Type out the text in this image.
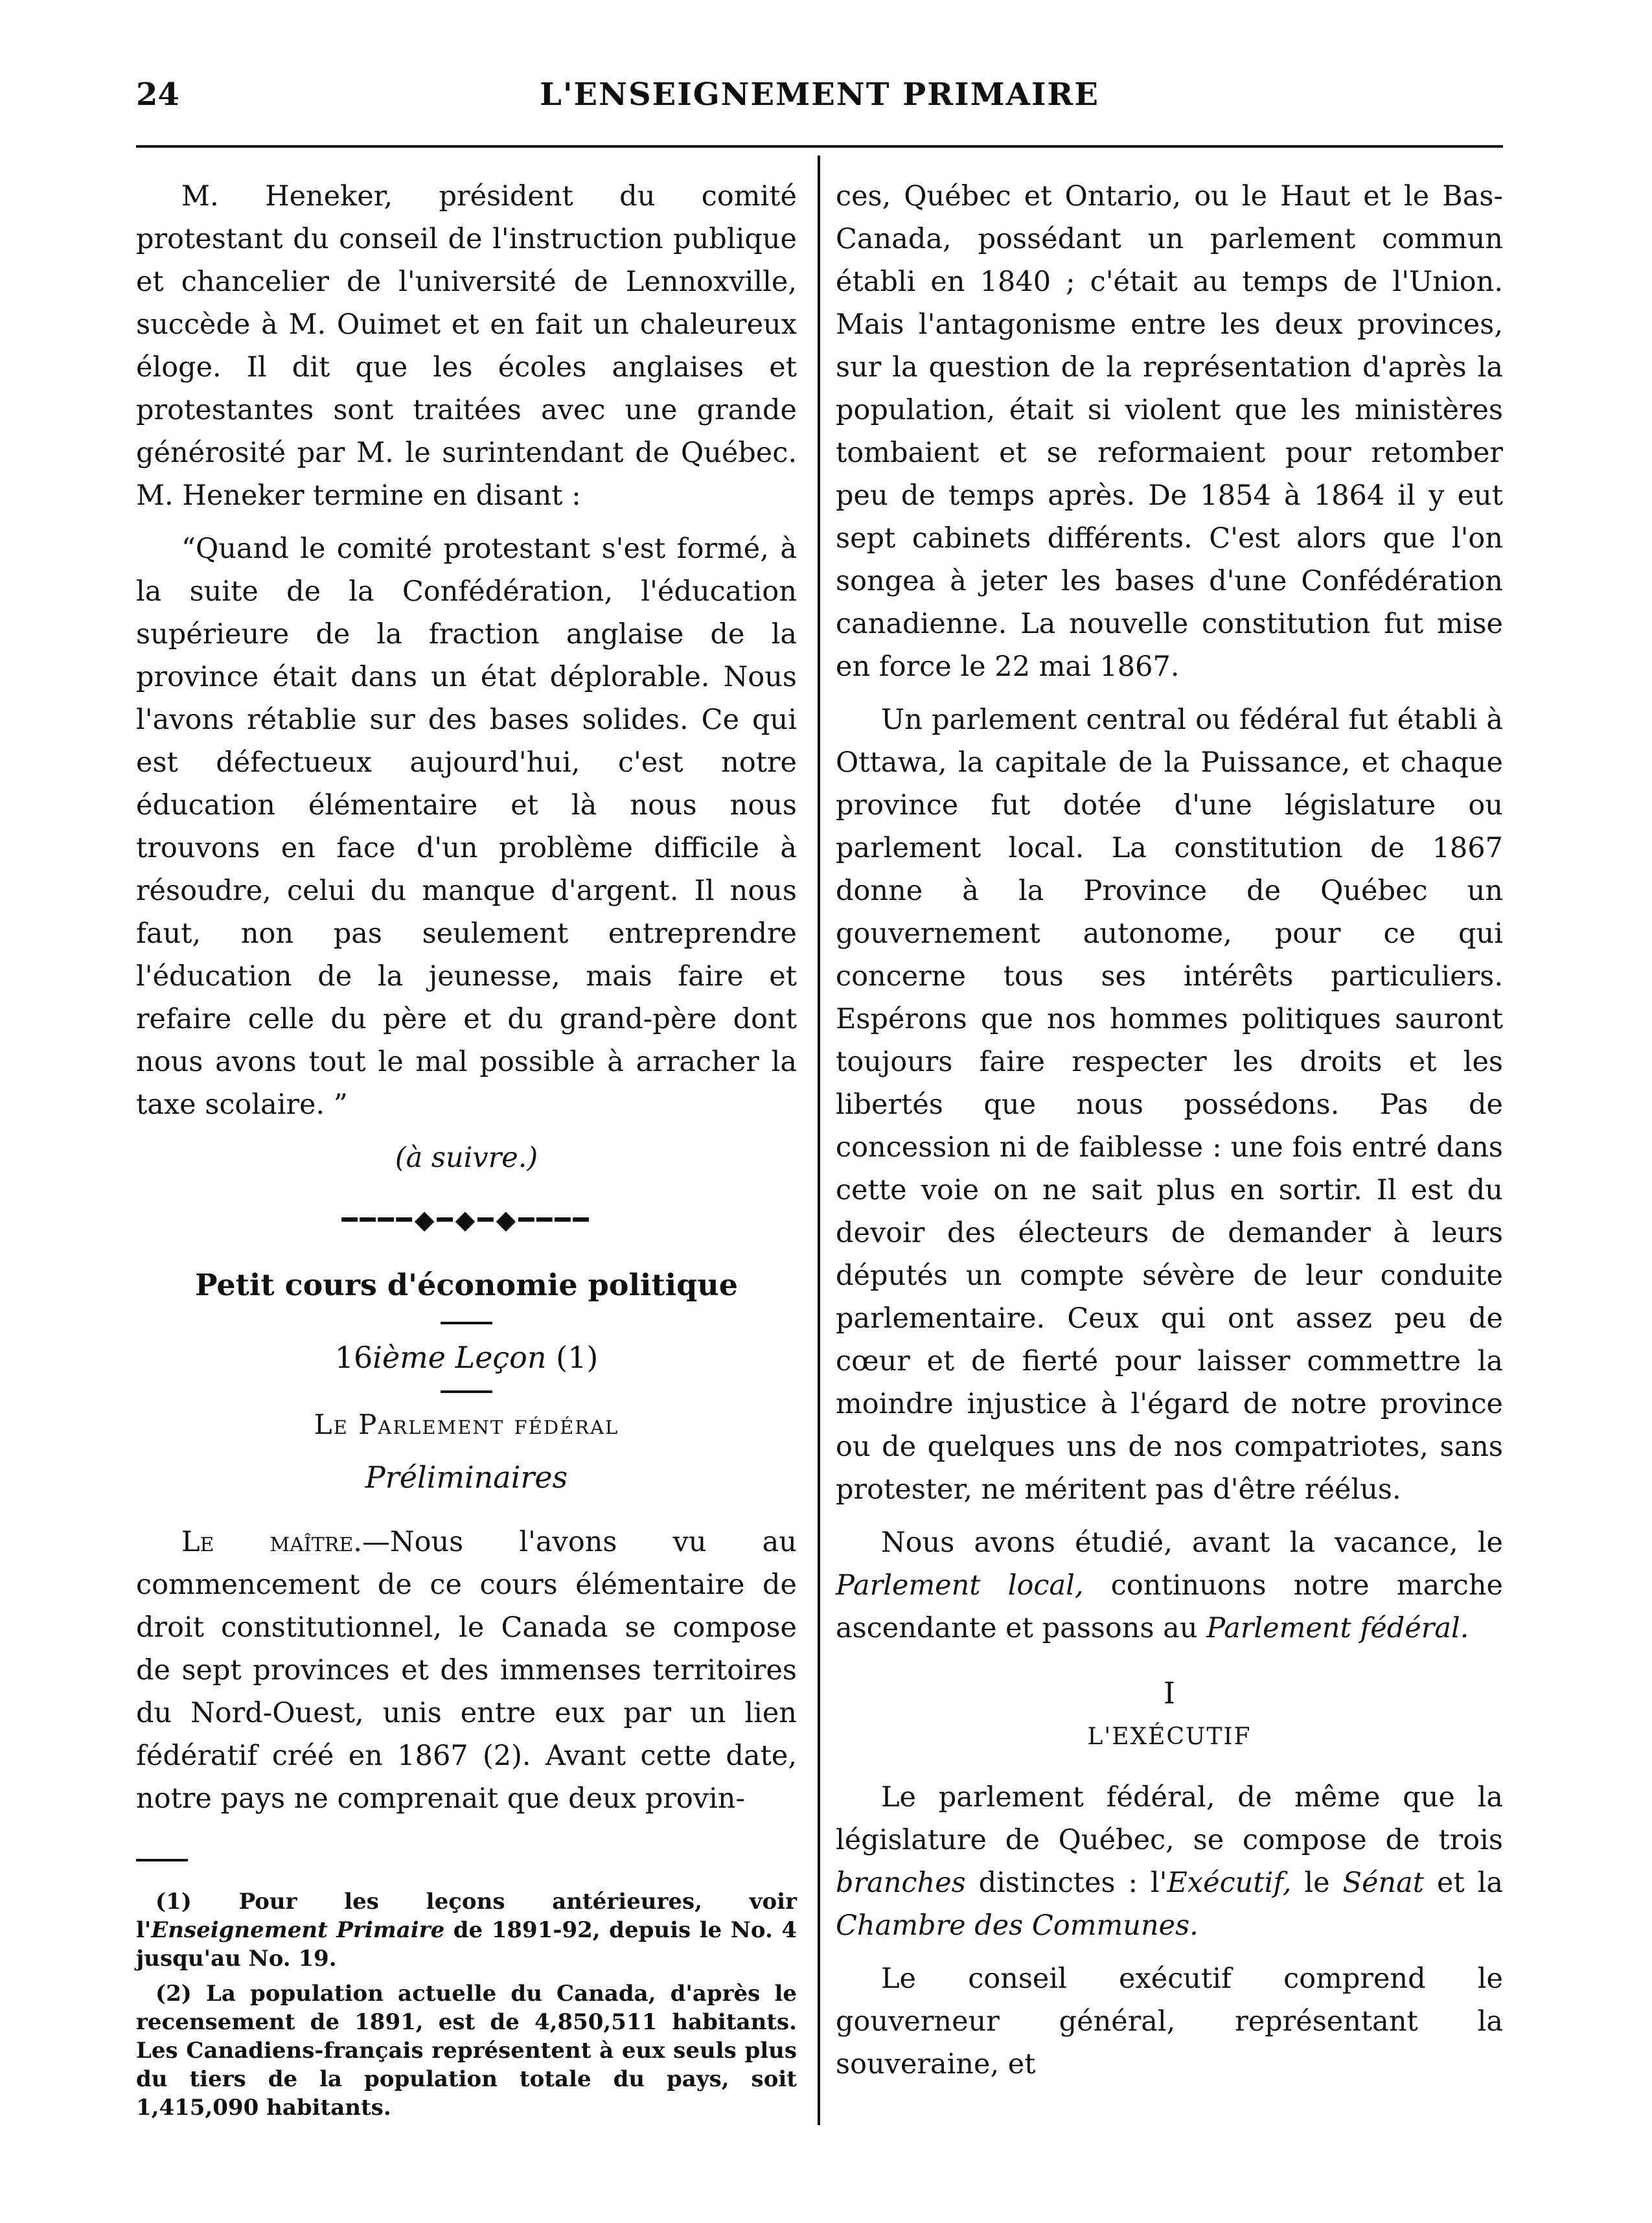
24	L'ENSEIGNEMENT PRIMAIRE

M. Heneker, président du comité protestant du conseil de l'instruction publique et chancelier de l'université de Lennoxville, succède à M. Ouimet et en fait un chaleureux éloge. Il dit que les écoles anglaises et protestantes sont traitées avec une grande générosité par M. le surintendant de Québec. M. Heneker termine en disant :

“Quand le comité protestant s'est formé, à la suite de la Confédération, l'éducation supérieure de la fraction anglaise de la province était dans un état déplorable. Nous l'avons rétablie sur des bases solides. Ce qui est défectueux aujourd'hui, c'est notre éducation élémentaire et là nous nous trouvons en face d'un problème difficile à résoudre, celui du manque d'argent. Il nous faut, non pas seulement entreprendre l'éducation de la jeunesse, mais faire et refaire celle du père et du grand-père dont nous avons tout le mal possible à arracher la taxe scolaire. ”

(à suivre.)

━━━━◆━◆━◆━━━━
Petit cours d'économie politique
16ième Leçon (1)
Le Parlement fédéral
Préliminaires

Le maître.—Nous l'avons vu au commencement de ce cours élémentaire de droit constitutionnel, le Canada se compose de sept provinces et des immenses territoires du Nord-Ouest, unis entre eux par un lien fédératif créé en 1867 (2). Avant cette date, notre pays ne comprenait que deux provin-

(1) Pour les leçons antérieures, voir l'Enseignement Primaire de 1891-92, depuis le No. 4 jusqu'au No. 19.

(2) La population actuelle du Canada, d'après le recensement de 1891, est de 4,850,511 habitants. Les Canadiens-français représentent à eux seuls plus du tiers de la population totale du pays, soit 1,415,090 habitants.

ces, Québec et Ontario, ou le Haut et le Bas-Canada, possédant un parlement commun établi en 1840 ; c'était au temps de l'Union. Mais l'antagonisme entre les deux provinces, sur la question de la représentation d'après la population, était si violent que les ministères tombaient et se reformaient pour retomber peu de temps après. De 1854 à 1864 il y eut sept cabinets différents. C'est alors que l'on songea à jeter les bases d'une Confédération canadienne. La nouvelle constitution fut mise en force le 22 mai 1867.

Un parlement central ou fédéral fut établi à Ottawa, la capitale de la Puissance, et chaque province fut dotée d'une législature ou parlement local. La constitution de 1867 donne à la Province de Québec un gouvernement autonome, pour ce qui concerne tous ses intérêts particuliers. Espérons que nos hommes politiques sauront toujours faire respecter les droits et les libertés que nous possédons. Pas de concession ni de faiblesse : une fois entré dans cette voie on ne sait plus en sortir. Il est du devoir des électeurs de demander à leurs députés un compte sévère de leur conduite parlementaire. Ceux qui ont assez peu de cœur et de fierté pour laisser commettre la moindre injustice à l'égard de notre province ou de quelques uns de nos compatriotes, sans protester, ne méritent pas d'être réélus.

Nous avons étudié, avant la vacance, le Parlement local, continuons notre marche ascendante et passons au Parlement fédéral.

I
L'EXÉCUTIF

Le parlement fédéral, de même que la législature de Québec, se compose de trois branches distinctes : l'Exécutif, le Sénat et la Chambre des Communes.

Le conseil exécutif comprend le gouverneur général, représentant la souveraine, et
